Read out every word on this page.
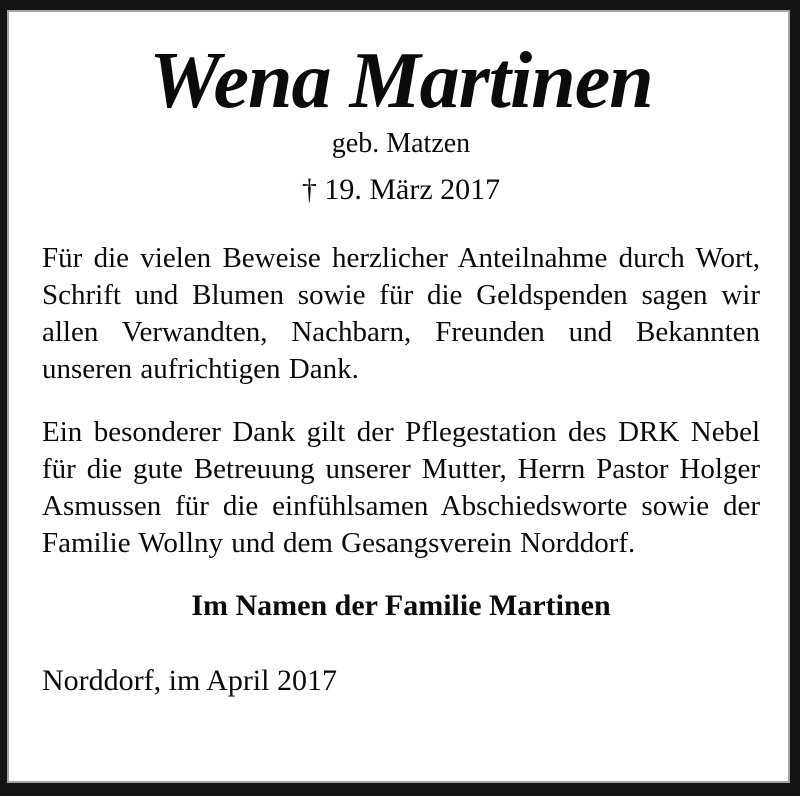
Wena Martinen
geb. Matzen
† 19. März 2017

Für die vielen Beweise herzlicher Anteilnahme durch Wort, Schrift und Blumen sowie für die Geldspenden sagen wir allen Verwandten, Nachbarn, Freunden und Bekannten unseren aufrichtigen Dank.

Ein besonderer Dank gilt der Pflegestation des DRK Nebel für die gute Betreuung unserer Mutter, Herrn Pastor Holger Asmussen für die einfühlsamen Abschiedsworte sowie der Familie Wollny und dem Gesangsverein Norddorf.

Im Namen der Familie Martinen
Norddorf, im April 2017
